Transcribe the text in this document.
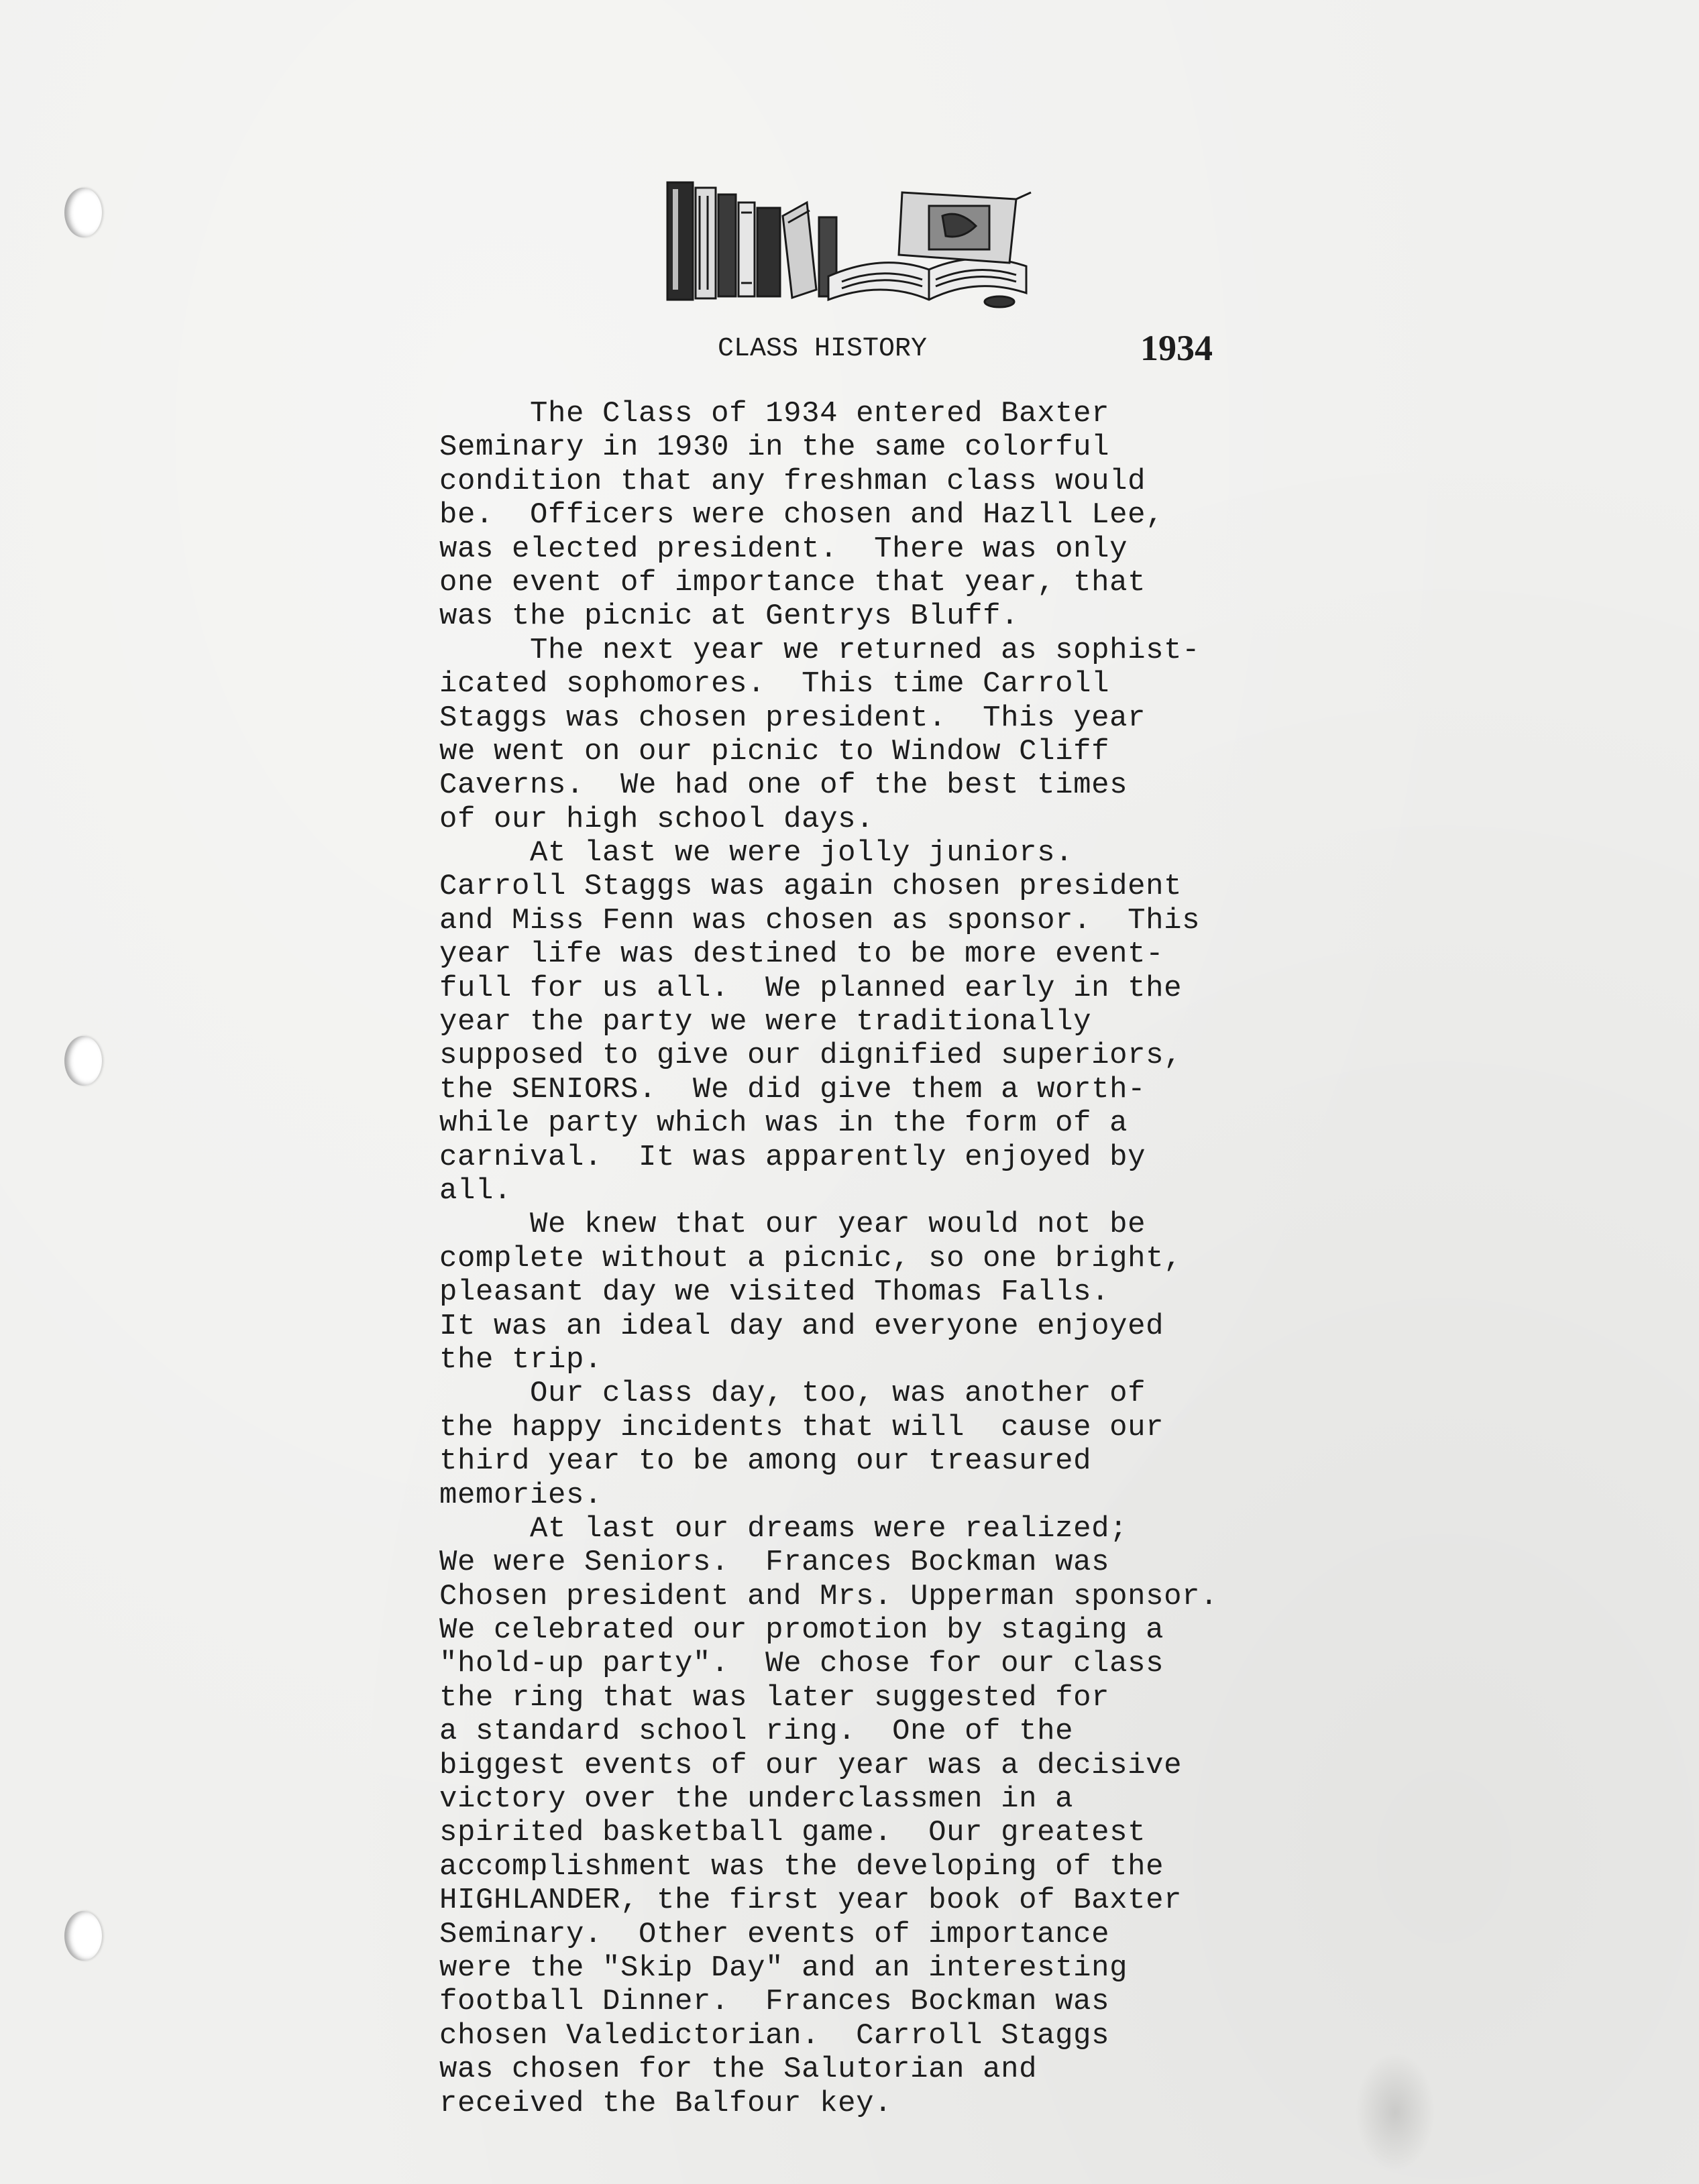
CLASS HISTORY	1934
The Class of 1934 entered Baxter
Seminary in 1930 in the same colorful
condition that any freshman class would
be.  Officers were chosen and Hazll Lee,
was elected president.  There was only
one event of importance that year, that
was the picnic at Gentrys Bluff.
The next year we returned as sophist-
icated sophomores.  This time Carroll
Staggs was chosen president.  This year
we went on our picnic to Window Cliff
Caverns.  We had one of the best times
of our high school days.
At last we were jolly juniors.
Carroll Staggs was again chosen president
and Miss Fenn was chosen as sponsor.  This
year life was destined to be more event-
full for us all.  We planned early in the
year the party we were traditionally
supposed to give our dignified superiors,
the SENIORS.  We did give them a worth-
while party which was in the form of a
carnival.  It was apparently enjoyed by
all.
We knew that our year would not be
complete without a picnic, so one bright,
pleasant day we visited Thomas Falls.
It was an ideal day and everyone enjoyed
the trip.
Our class day, too, was another of
the happy incidents that will  cause our
third year to be among our treasured
memories.
At last our dreams were realized;
We were Seniors.  Frances Bockman was
Chosen president and Mrs. Upperman sponsor.
We celebrated our promotion by staging a
"hold-up party".  We chose for our class
the ring that was later suggested for
a standard school ring.  One of the
biggest events of our year was a decisive
victory over the underclassmen in a
spirited basketball game.  Our greatest
accomplishment was the developing of the
HIGHLANDER, the first year book of Baxter
Seminary.  Other events of importance
were the "Skip Day" and an interesting
football Dinner.  Frances Bockman was
chosen Valedictorian.  Carroll Staggs
was chosen for the Salutorian and
received the Balfour key.
